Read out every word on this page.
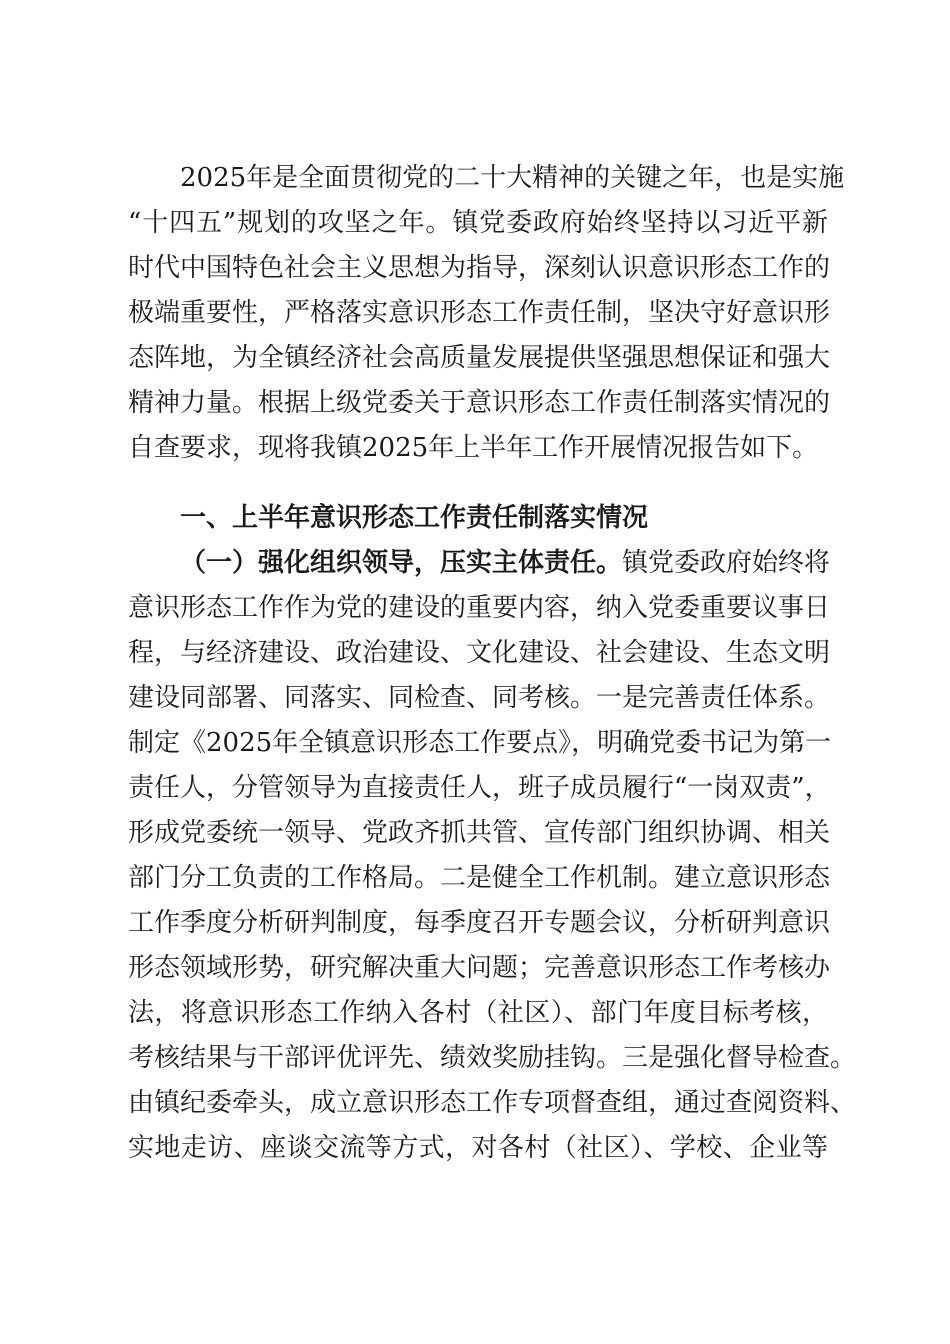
2025年是全面贯彻党的二十大精神的关键之年，也是实施
“十四五”规划的攻坚之年。镇党委政府始终坚持以习近平新
时代中国特色社会主义思想为指导，深刻认识意识形态工作的
极端重要性，严格落实意识形态工作责任制，坚决守好意识形
态阵地，为全镇经济社会高质量发展提供坚强思想保证和强大
精神力量。根据上级党委关于意识形态工作责任制落实情况的
自查要求，现将我镇2025年上半年工作开展情况报告如下。
一、上半年意识形态工作责任制落实情况
（一）强化组织领导，压实主体责任。镇党委政府始终将
意识形态工作作为党的建设的重要内容，纳入党委重要议事日
程，与经济建设、政治建设、文化建设、社会建设、生态文明
建设同部署、同落实、同检查、同考核。一是完善责任体系。
制定《2025年全镇意识形态工作要点》，明确党委书记为第一
责任人，分管领导为直接责任人，班子成员履行“一岗双责”，
形成党委统一领导、党政齐抓共管、宣传部门组织协调、相关
部门分工负责的工作格局。二是健全工作机制。建立意识形态
工作季度分析研判制度，每季度召开专题会议，分析研判意识
形态领域形势，研究解决重大问题；完善意识形态工作考核办
法，将意识形态工作纳入各村（社区）、部门年度目标考核，
考核结果与干部评优评先、绩效奖励挂钩。三是强化督导检查。
由镇纪委牵头，成立意识形态工作专项督查组，通过查阅资料、
实地走访、座谈交流等方式，对各村（社区）、学校、企业等
